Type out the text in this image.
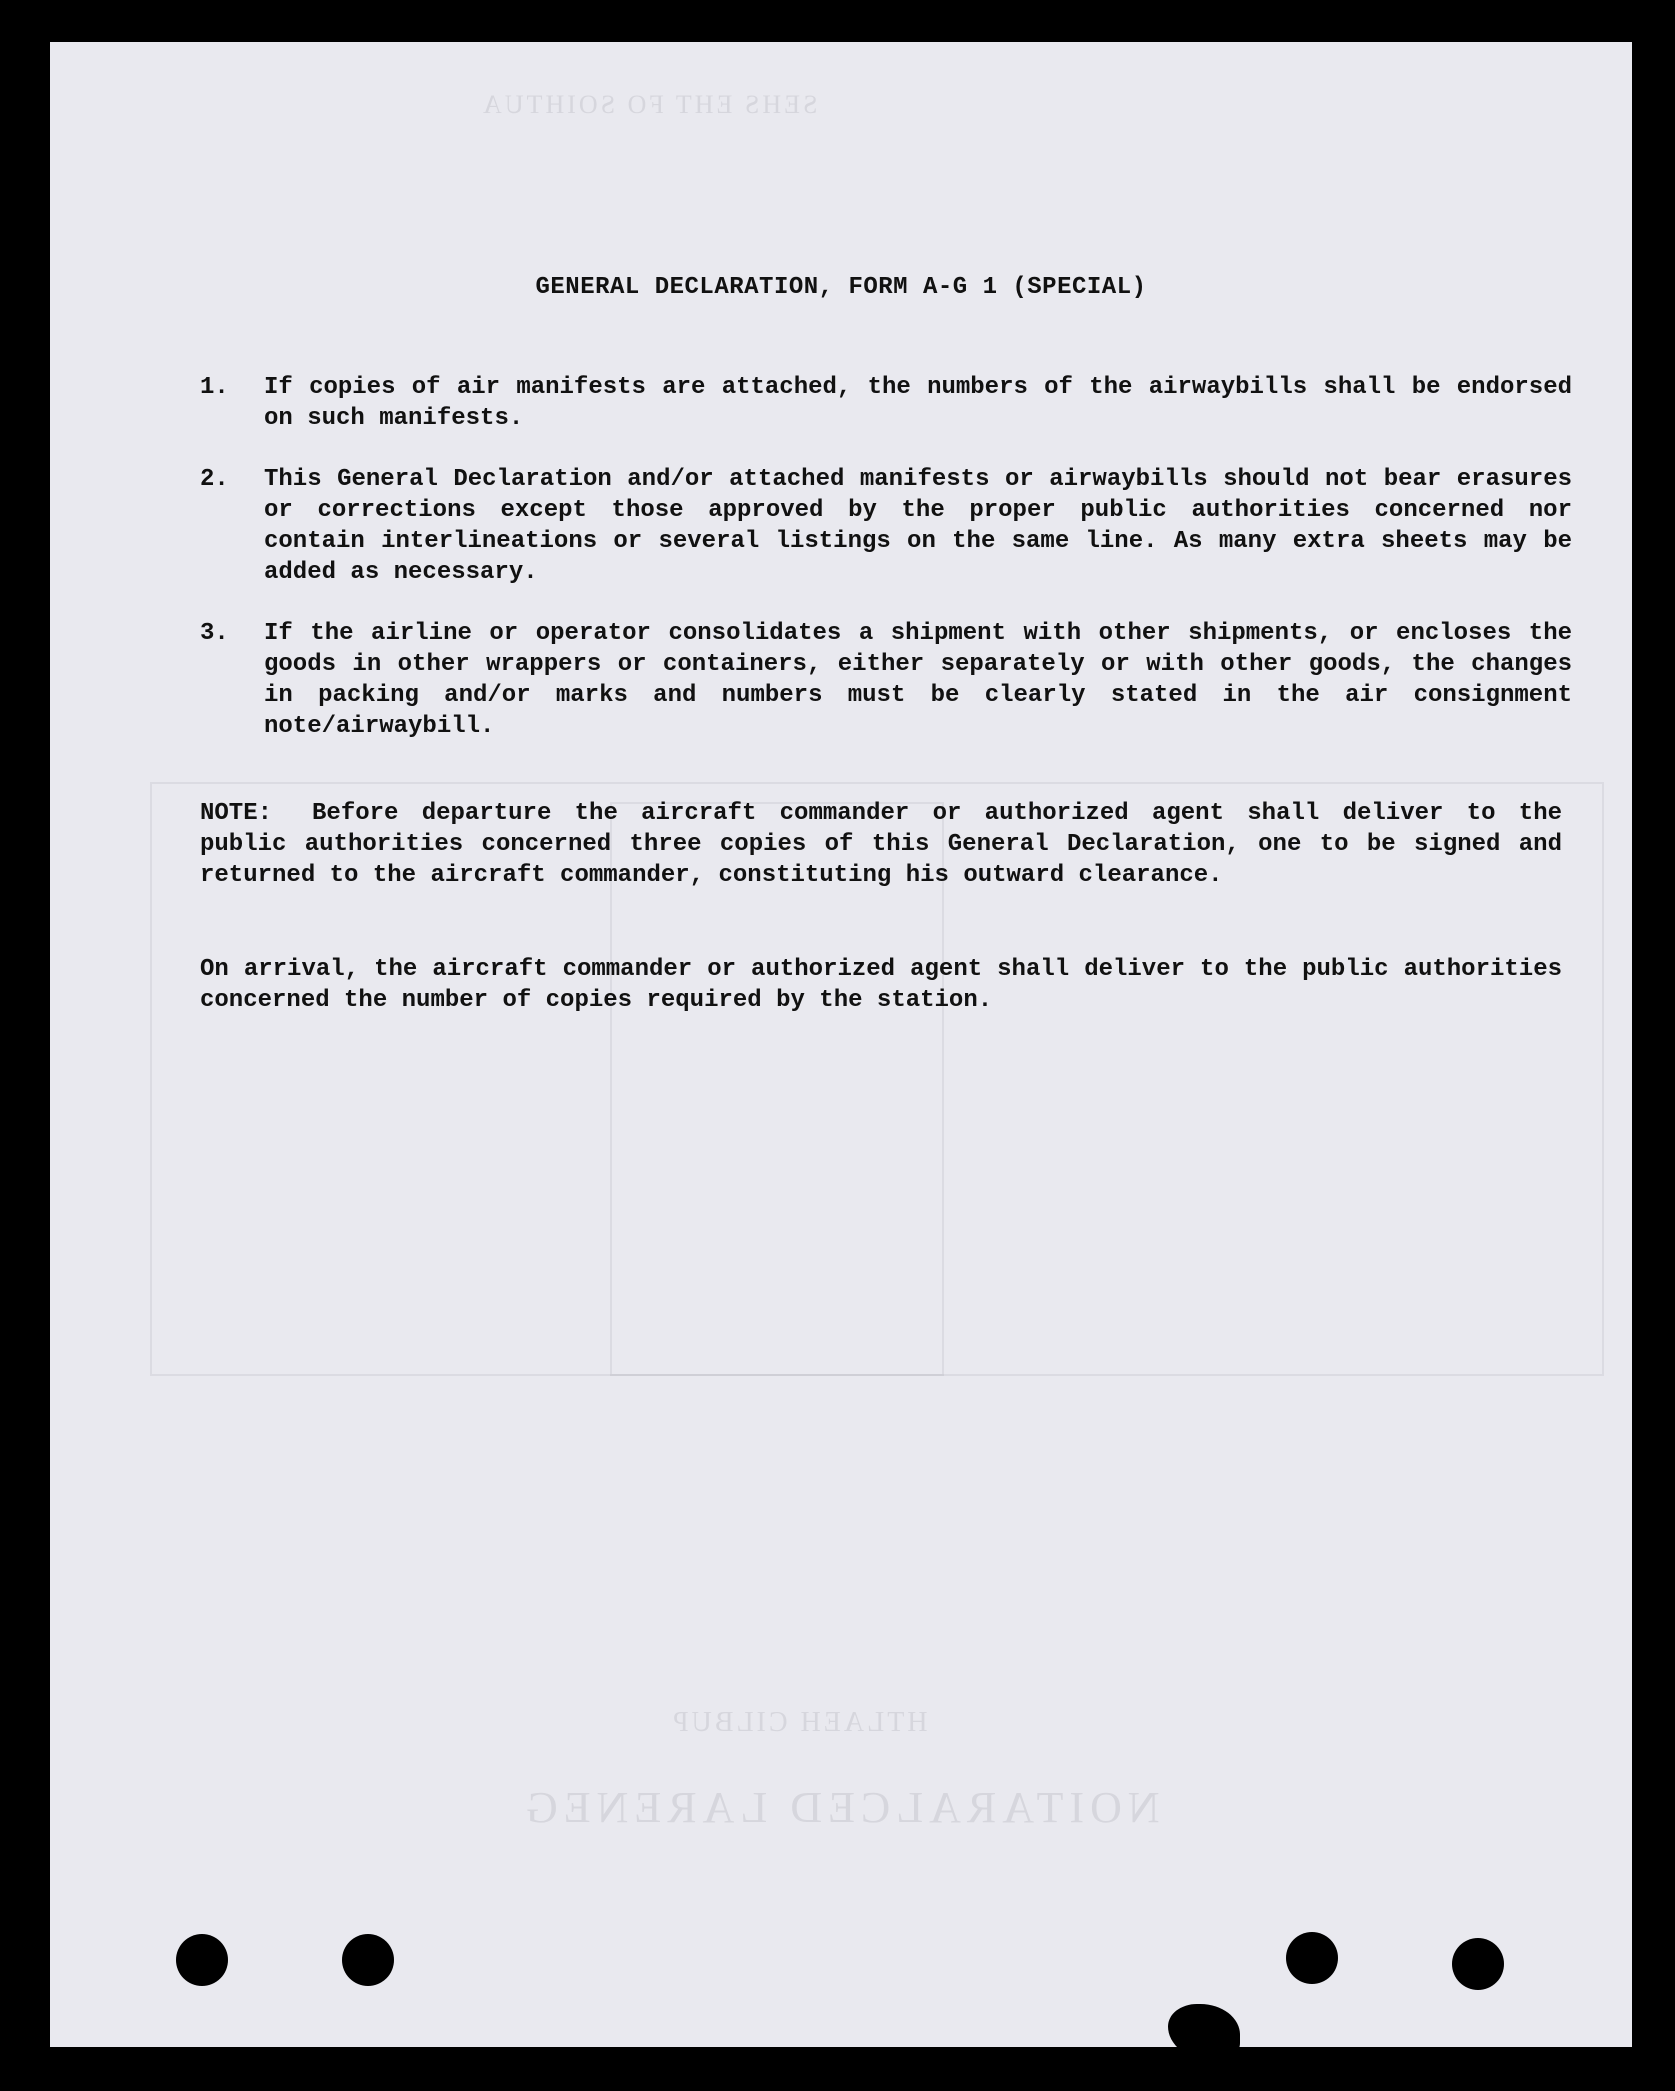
NOITARALCED LARENEG
HTLAEH CILBUP
SEHS EHT FO SOIHTUA
GENERAL DECLARATION, FORM A-G 1 (SPECIAL)
1.	If copies of air manifests are attached, the numbers of the airwaybills shall be endorsed on such manifests.
2.	This General Declaration and/or attached manifests or airwaybills should not bear erasures or corrections except those approved by the proper public authorities concerned nor contain interlineations or several listings on the same line. As many extra sheets may be added as necessary.
3.	If the airline or operator consolidates a shipment with other shipments, or encloses the goods in other wrappers or containers, either separately or with other goods, the changes in packing and/or marks and numbers must be clearly stated in the air consignment note/airwaybill.
NOTE: Before departure the aircraft commander or authorized agent shall deliver to the public authorities concerned three copies of this General Declaration, one to be signed and returned to the aircraft commander, constituting his outward clearance.
On arrival, the aircraft commander or authorized agent shall deliver to the public authorities concerned the number of copies required by the station.
